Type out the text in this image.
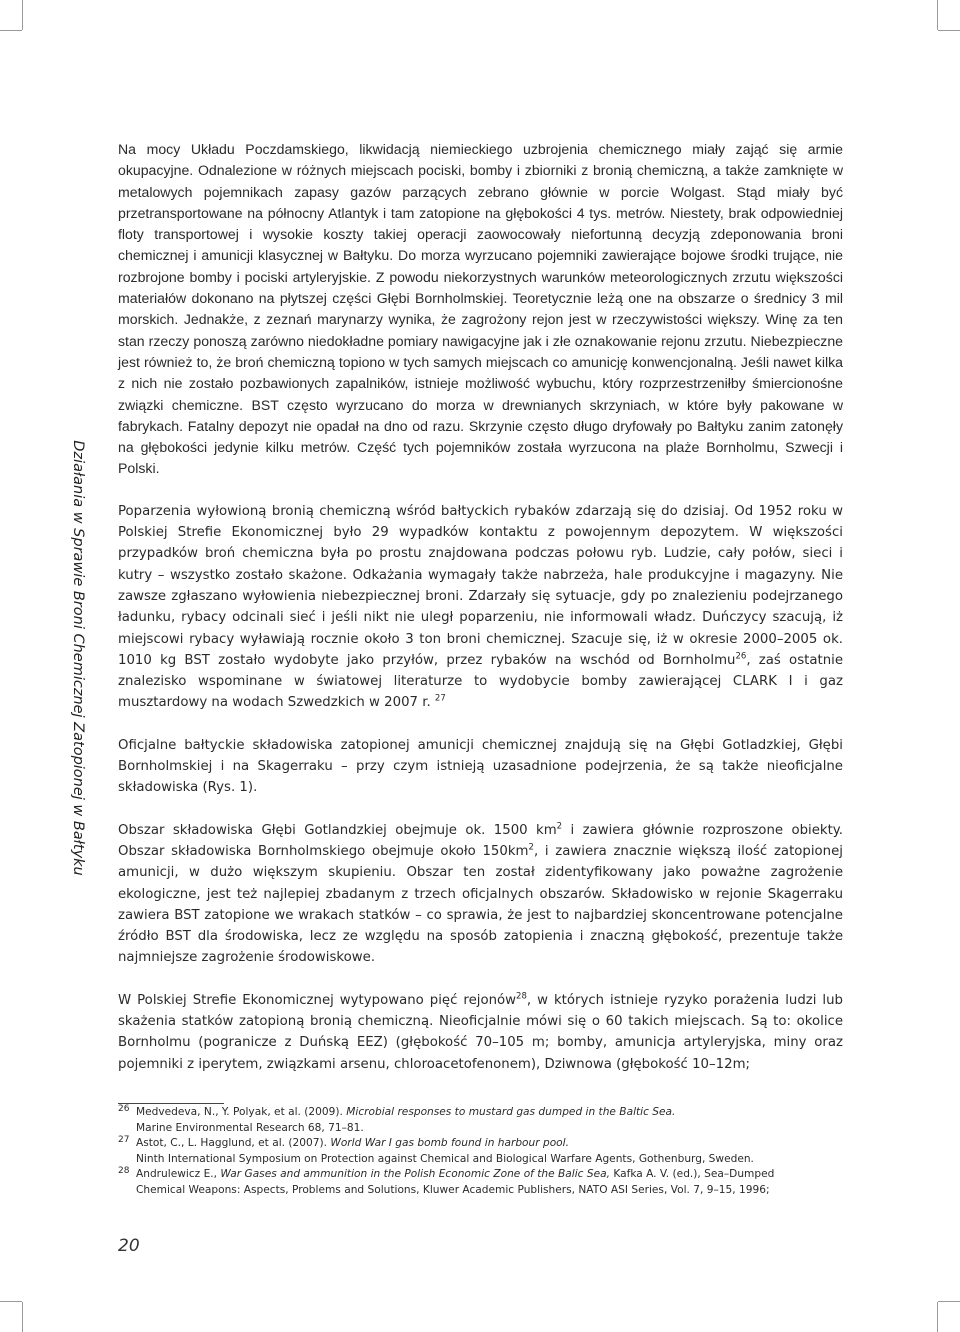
Działania w Sprawie Broni Chemicznej Zatopionej w Bałtyku

Na mocy Układu Poczdamskiego, likwidacją niemieckiego uzbrojenia chemicznego miały zająć się armie okupacyjne. Odnalezione w różnych miejscach pociski, bomby i zbiorniki z bronią chemiczną, a także zamknięte w metalowych pojemnikach zapasy gazów parzących zebrano głównie w porcie Wolgast. Stąd miały być przetransportowane na północny Atlantyk i tam zatopione na głębokości 4 tys. metrów. Niestety, brak odpowiedniej floty transportowej i wysokie koszty takiej operacji zaowocowały niefortunną decyzją zdeponowania broni chemicznej i amunicji klasycznej w Bałtyku. Do morza wyrzucano pojemniki zawierające bojowe środki trujące, nie rozbrojone bomby i pociski artyleryjskie. Z powodu niekorzystnych warunków meteorologicznych zrzutu większości materiałów dokonano na płytszej części Głębi Bornholmskiej. Teoretycznie leżą one na obszarze o średnicy 3 mil morskich. Jednakże, z zeznań marynarzy wynika, że zagrożony rejon jest w rzeczywistości większy. Winę za ten stan rzeczy ponoszą zarówno niedokładne pomiary nawigacyjne jak i złe oznakowanie rejonu zrzutu. Niebezpieczne jest również to, że broń chemiczną topiono w tych samych miejscach co amunicję konwencjonalną. Jeśli nawet kilka z nich nie zostało pozbawionych zapalników, istnieje możliwość wybuchu, który rozprzestrzeniłby śmiercionośne związki chemiczne. BST często wyrzucano do morza w drewnianych skrzyniach, w które były pakowane w fabrykach. Fatalny depozyt nie opadał na dno od razu. Skrzynie często długo dryfowały po Bałtyku zanim zatonęły na głębokości jedynie kilku metrów. Część tych pojemników została wyrzucona na plaże Bornholmu, Szwecji i Polski.

Poparzenia wyłowioną bronią chemiczną wśród bałtyckich rybaków zdarzają się do dzisiaj. Od 1952 roku w Polskiej Strefie Ekonomicznej było 29 wypadków kontaktu z powojennym depozytem. W większości przypadków broń chemiczna była po prostu znajdowana podczas połowu ryb. Ludzie, cały połów, sieci i kutry – wszystko zostało skażone. Odkażania wymagały także nabrzeża, hale produkcyjne i magazyny. Nie zawsze zgłaszano wyłowienia niebezpiecznej broni. Zdarzały się sytuacje, gdy po znalezieniu podejrzanego ładunku, rybacy odcinali sieć i jeśli nikt nie uległ poparzeniu, nie informowali władz. Duńczycy szacują, iż miejscowi rybacy wyławiają rocznie około 3 ton broni chemicznej. Szacuje się, iż w okresie 2000–2005 ok. 1010 kg BST zostało wydobyte jako przyłów, przez rybaków na wschód od Bornholmu$^{26}$, zaś ostatnie znalezisko wspominane w światowej literaturze to wydobycie bomby zawierającej CLARK I i gaz musztardowy na wodach Szwedzkich w 2007 r. $^{27}$

Oficjalne bałtyckie składowiska zatopionej amunicji chemicznej znajdują się na Głębi Gotladzkiej, Głębi Bornholmskiej i na Skagerraku – przy czym istnieją uzasadnione podejrzenia, że są także nieoficjalne składowiska (Rys. 1).

Obszar składowiska Głębi Gotlandzkiej obejmuje ok. 1500 $km^2$ i zawiera głównie rozproszone obiekty. Obszar składowiska Bornholmskiego obejmuje około $150km^2$, i zawiera znacznie większą ilość zatopionej amunicji, w dużo większym skupieniu. Obszar ten został zidentyfikowany jako poważne zagrożenie ekologiczne, jest też najlepiej zbadanym z trzech oficjalnych obszarów. Składowisko w rejonie Skagerraku zawiera BST zatopione we wrakach statków – co sprawia, że jest to najbardziej skoncentrowane potencjalne źródło BST dla środowiska, lecz ze względu na sposób zatopienia i znaczną głębokość, prezentuje także najmniejsze zagrożenie środowiskowe.

W Polskiej Strefie Ekonomicznej wytypowano pięć rejonów$^{28}$, w których istnieje ryzyko porażenia ludzi lub skażenia statków zatopioną bronią chemiczną. Nieoficjalnie mówi się o 60 takich miejscach. Są to: okolice Bornholmu (pogranicze z Duńską EEZ) (głębokość 70–105 m; bomby, amunicja artyleryjska, miny oraz pojemniki z iperytem, związkami arsenu, chloroacetofenonem), Dziwnowa (głębokość 10–12m;

26 Medvedeva, N., Y. Polyak, et al. (2009). Microbial responses to mustard gas dumped in the Baltic Sea.
Marine Environmental Research 68, 71–81.
27 Astot, C., L. Hagglund, et al. (2007). World War I gas bomb found in harbour pool.
Ninth International Symposium on Protection against Chemical and Biological Warfare Agents, Gothenburg, Sweden.
28 Andrulewicz E., War Gases and ammunition in the Polish Economic Zone of the Balic Sea, Kafka A. V. (ed.), Sea–Dumped
Chemical Weapons: Aspects, Problems and Solutions, Kluwer Academic Publishers, NATO ASI Series, Vol. 7, 9–15, 1996;
20
